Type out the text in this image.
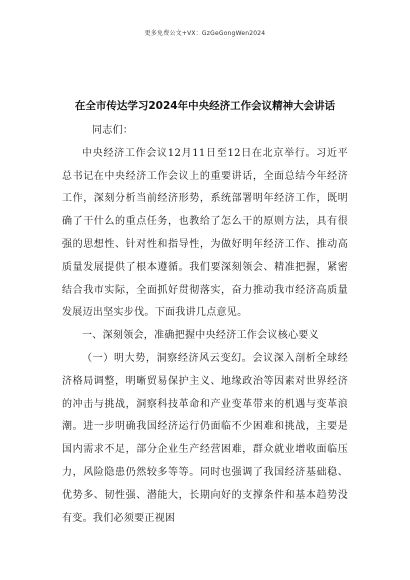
更多免费公文+VX：GzGeGongWen2024
在全市传达学习2024年中央经济工作会议精神大会讲话

同志们：

中央经济工作会议12月11日至12日在北京举行。习近平总书记在中央经济工作会议上的重要讲话，全面总结今年经济工作，深刻分析当前经济形势，系统部署明年经济工作，既明确了干什么的重点任务，也教给了怎么干的原则方法，具有很强的思想性、针对性和指导性，为做好明年经济工作、推动高质量发展提供了根本遵循。我们要深刻领会、精准把握，紧密结合我市实际，全面抓好贯彻落实，奋力推动我市经济高质量发展迈出坚实步伐。下面我讲几点意见。

一、深刻领会，准确把握中央经济工作会议核心要义

（一）明大势，洞察经济风云变幻。会议深入剖析全球经济格局调整，明晰贸易保护主义、地缘政治等因素对世界经济的冲击与挑战，洞察科技革命和产业变革带来的机遇与变革浪潮。进一步明确我国经济运行仍面临不少困难和挑战，主要是国内需求不足，部分企业生产经营困难，群众就业增收面临压力，风险隐患仍然较多等等。同时也强调了我国经济基础稳、优势多、韧性强、潜能大，长期向好的支撑条件和基本趋势没有变。我们必须要正视困
